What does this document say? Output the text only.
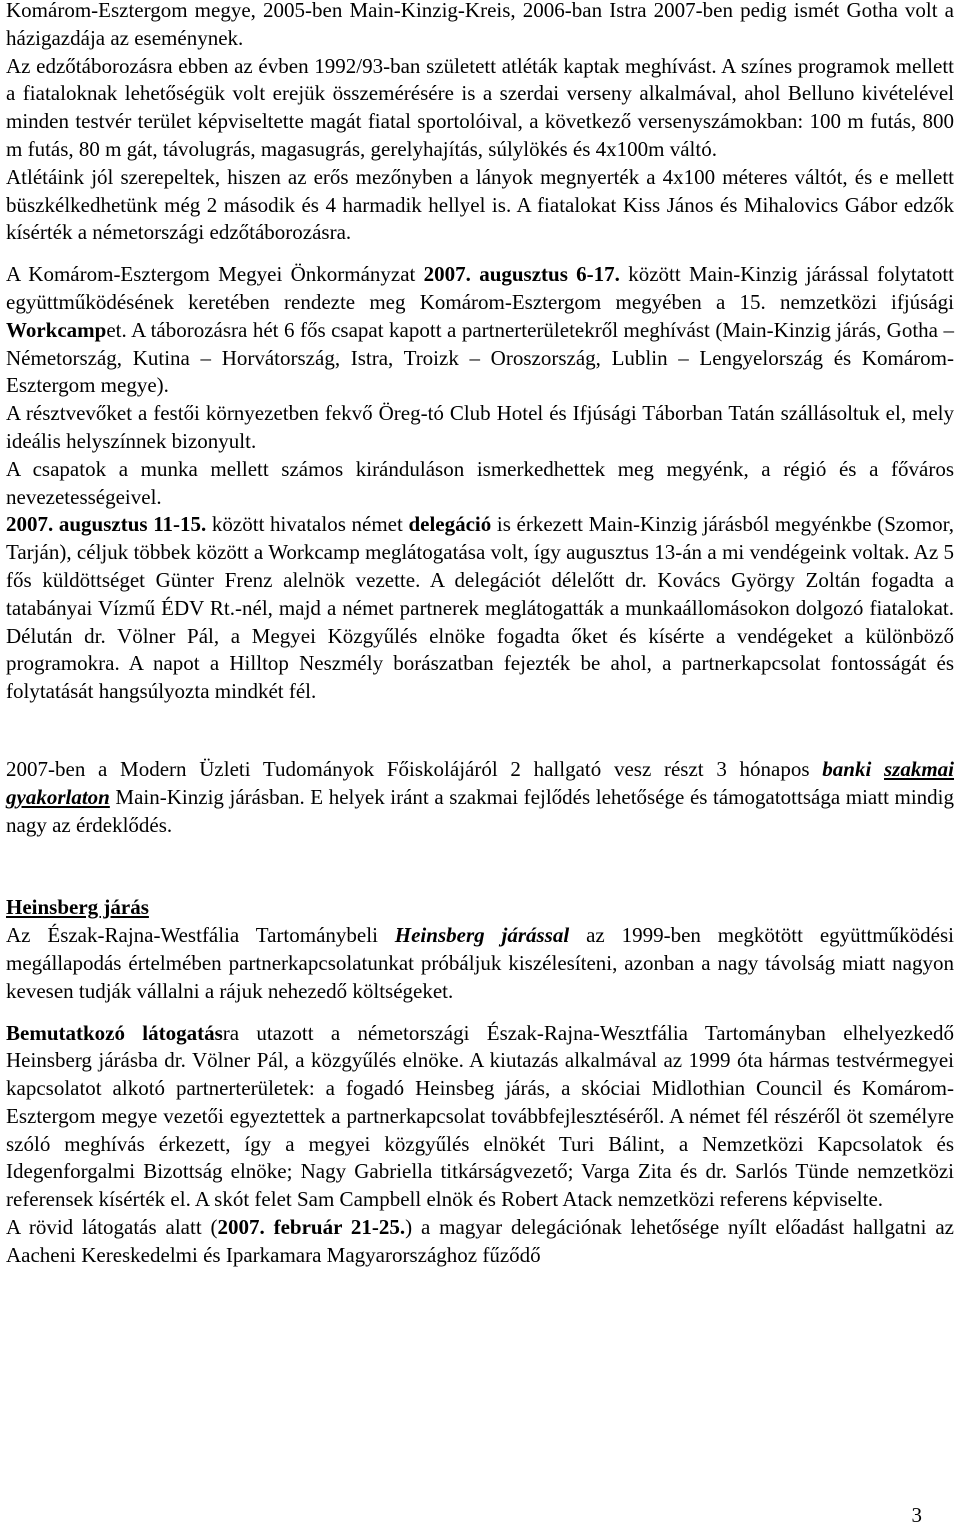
Komárom-Esztergom megye, 2005-ben Main-Kinzig-Kreis, 2006-ban Istra 2007-ben pedig ismét Gotha volt a házigazdája az eseménynek.

Az edzőtáborozásra ebben az évben 1992/93-ban született atléták kaptak meghívást. A színes programok mellett a fiataloknak lehetőségük volt erejük összemérésére is a szerdai verseny alkalmával, ahol Belluno kivételével minden testvér terület képviseltette magát fiatal sportolóival, a következő versenyszámokban: 100 m futás, 800 m futás, 80 m gát, távolugrás, magasugrás, gerelyhajítás, súlylökés és 4x100m váltó.

Atlétáink jól szerepeltek, hiszen az erős mezőnyben a lányok megnyerték a 4x100 méteres váltót, és e mellett büszkélkedhetünk még 2 második és 4 harmadik hellyel is. A fiatalokat Kiss János és Mihalovics Gábor edzők kísérték a németországi edzőtáborozásra.

A Komárom-Esztergom Megyei Önkormányzat 2007. augusztus 6-17. között Main-Kinzig járással folytatott együttműködésének keretében rendezte meg Komárom-Esztergom megyében a 15. nemzetközi ifjúsági Workcampet. A táborozásra hét 6 fős csapat kapott a partnerterületekről meghívást (Main-Kinzig járás, Gotha – Németország, Kutina – Horvátország, Istra, Troizk – Oroszország, Lublin – Lengyelország és Komárom-Esztergom megye).

A résztvevőket a festői környezetben fekvő Öreg-tó Club Hotel és Ifjúsági Táborban Tatán szállásoltuk el, mely ideális helyszínnek bizonyult.

A csapatok a munka mellett számos kiránduláson ismerkedhettek meg megyénk, a régió és a főváros nevezetességeivel.

2007. augusztus 11-15. között hivatalos német delegáció is érkezett Main-Kinzig járásból megyénkbe (Szomor, Tarján), céljuk többek között a Workcamp meglátogatása volt, így augusztus 13-án a mi vendégeink voltak. Az 5 fős küldöttséget Günter Frenz alelnök vezette. A delegációt délelőtt dr. Kovács György Zoltán fogadta a tatabányai Vízmű ÉDV Rt.-nél, majd a német partnerek meglátogatták a munkaállomásokon dolgozó fiatalokat. Délután dr. Völner Pál, a Megyei Közgyűlés elnöke fogadta őket és kísérte a vendégeket a különböző programokra. A napot a Hilltop Neszmély borászatban fejezték be ahol, a partnerkapcsolat fontosságát és folytatását hangsúlyozta mindkét fél.

2007-ben a Modern Üzleti Tudományok Főiskolájáról 2 hallgató vesz részt 3 hónapos banki szakmai gyakorlaton Main-Kinzig járásban. E helyek iránt a szakmai fejlődés lehetősége és támogatottsága miatt mindig nagy az érdeklődés.

Heinsberg járás

Az Észak-Rajna-Westfália Tartománybeli Heinsberg járással az 1999-ben megkötött együttműködési megállapodás értelmében partnerkapcsolatunkat próbáljuk kiszélesíteni, azonban a nagy távolság miatt nagyon kevesen tudják vállalni a rájuk nehezedő költségeket.

Bemutatkozó látogatásra utazott a németországi Észak-Rajna-Wesztfália Tartományban elhelyezkedő Heinsberg járásba dr. Völner Pál, a közgyűlés elnöke. A kiutazás alkalmával az 1999 óta hármas testvérmegyei kapcsolatot alkotó partnerterületek: a fogadó Heinsbeg járás, a skóciai Midlothian Council és Komárom-Esztergom megye vezetői egyeztettek a partnerkapcsolat továbbfejlesztéséről. A német fél részéről öt személyre szóló meghívás érkezett, így a megyei közgyűlés elnökét Turi Bálint, a Nemzetközi Kapcsolatok és Idegenforgalmi Bizottság elnöke; Nagy Gabriella titkárságvezető; Varga Zita és dr. Sarlós Tünde nemzetközi referensek kísérték el. A skót felet Sam Campbell elnök és Robert Atack nemzetközi referens képviselte.

A rövid látogatás alatt (2007. február 21-25.) a magyar delegációnak lehetősége nyílt előadást hallgatni az Aacheni Kereskedelmi és Iparkamara Magyarországhoz fűződő

3
